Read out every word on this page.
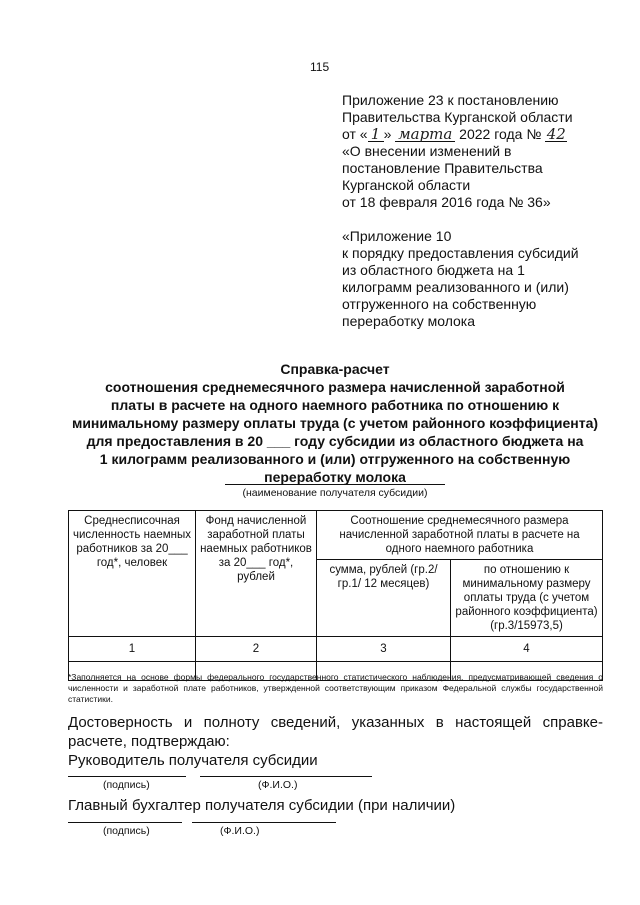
115
Приложение 23 к постановлению
Правительства Курганской области
от « 1 » марта 2022 года № 42
«О внесении изменений в
постановление Правительства
Курганской области
от 18 февраля 2016 года № 36»
«Приложение 10
к порядку предоставления субсидий
из областного бюджета на 1
килограмм реализованного и (или)
отгруженного на собственную
переработку молока
Справка-расчет
соотношения среднемесячного размера начисленной заработной
платы в расчете на одного наемного работника по отношению к
минимальному размеру оплаты труда (с учетом районного коэффициента)
для предоставления в 20 ___ году субсидии из областного бюджета на
1 килограмм реализованного и (или) отгруженного на собственную
переработку молока
(наименование получателя субсидии)
Среднесписочная численность наемных работников за 20___ год*, человек	Фонд начисленной заработной платы наемных работников за 20___ год*, рублей	Соотношение среднемесячного размера начисленной заработной платы в расчете на одного наемного работника	
		сумма, рублей (гр.2/гр.1/ 12 месяцев)	по отношению к минимальному размеру оплаты труда (с учетом районного коэффициента) (гр.3/15973,5)
1	2	3	4

*Заполняется на основе формы федерального государственного статистического наблюдения, предусматривающей сведения о численности и заработной плате работников, утвержденной соответствующим приказом Федеральной службы государственной статистики.
Достоверность и полноту сведений, указанных в настоящей справке-расчете, подтверждаю:
Руководитель получателя субсидии
(подпись)	(Ф.И.О.)
Главный бухгалтер получателя субсидии (при наличии)
(подпись)	(Ф.И.О.)
